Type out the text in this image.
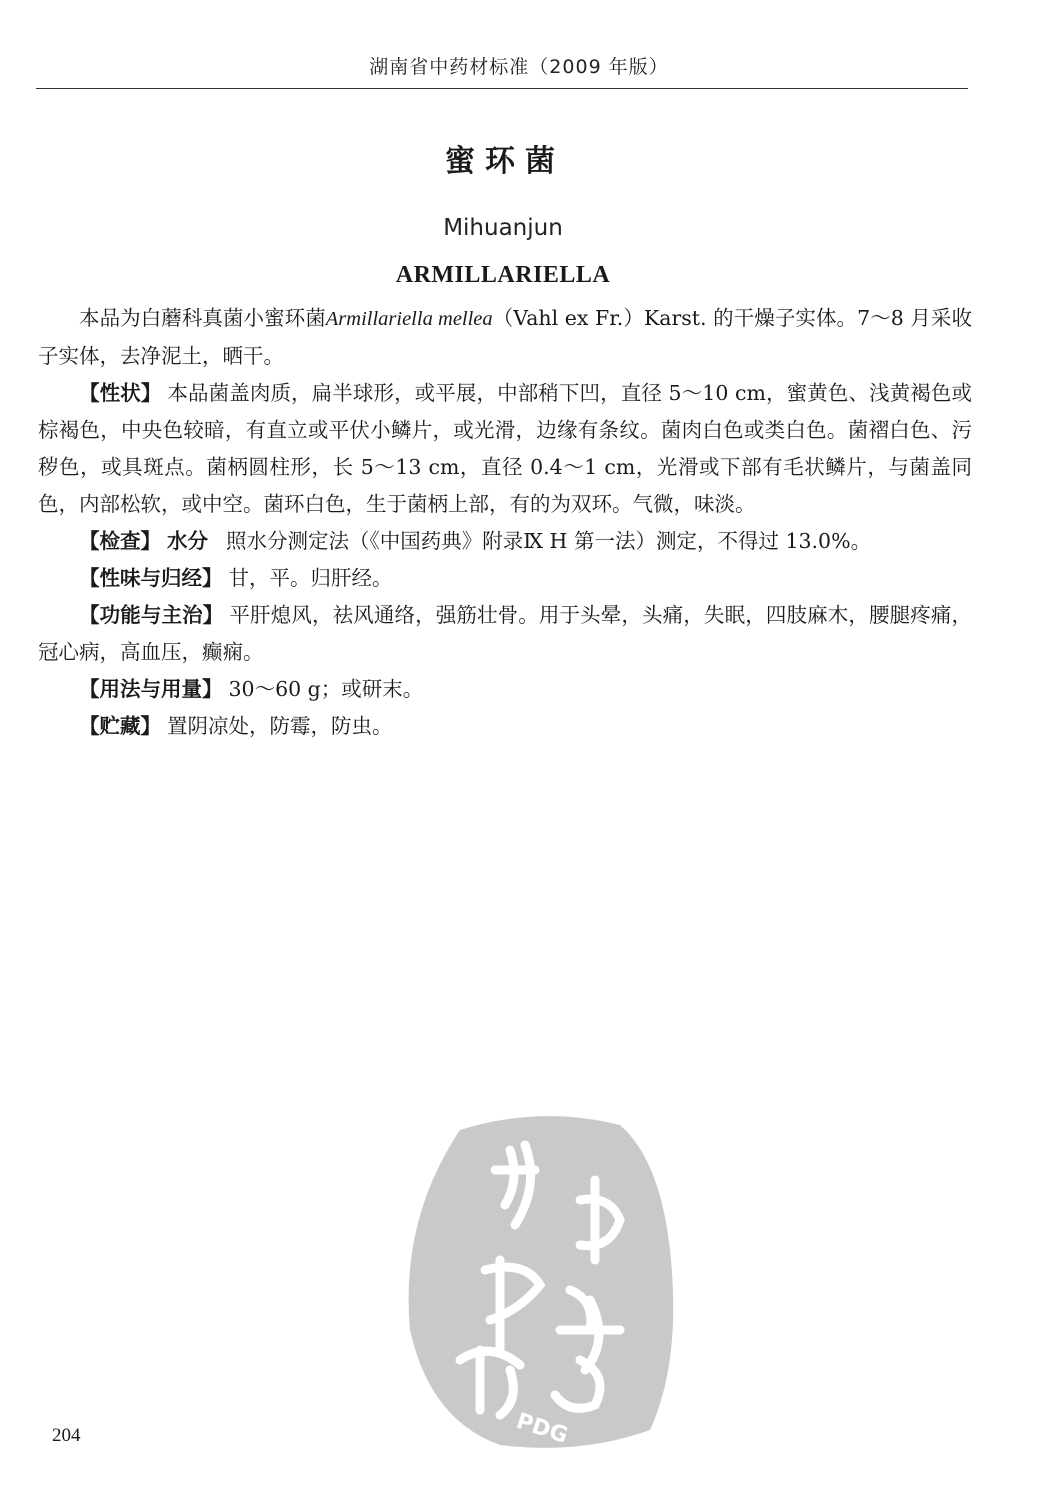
湖南省中药材标准（2009 年版）
蜜环菌
Mihuanjun
ARMILLARIELLA

本品为白蘑科真菌小蜜环菌Armillariella mellea（Vahl ex Fr.）Karst. 的干燥子实体。7～8 月采收子实体，去净泥土，晒干。

【性状】 本品菌盖肉质，扁半球形，或平展，中部稍下凹，直径 5～10 cm，蜜黄色、浅黄褐色或棕褐色，中央色较暗，有直立或平伏小鳞片，或光滑，边缘有条纹。菌肉白色或类白色。菌褶白色、污秽色，或具斑点。菌柄圆柱形，长 5～13 cm，直径 0.4～1 cm，光滑或下部有毛状鳞片，与菌盖同色，内部松软，或中空。菌环白色，生于菌柄上部，有的为双环。气微，味淡。

【检查】 水分 照水分测定法（《中国药典》附录Ⅸ H 第一法）测定，不得过 13.0%。

【性味与归经】 甘，平。归肝经。

【功能与主治】 平肝熄风，祛风通络，强筋壮骨。用于头晕，头痛，失眠，四肢麻木，腰腿疼痛，冠心病，高血压，癫痫。

【用法与用量】 30～60 g；或研末。

【贮藏】 置阴凉处，防霉，防虫。

PDG
204
